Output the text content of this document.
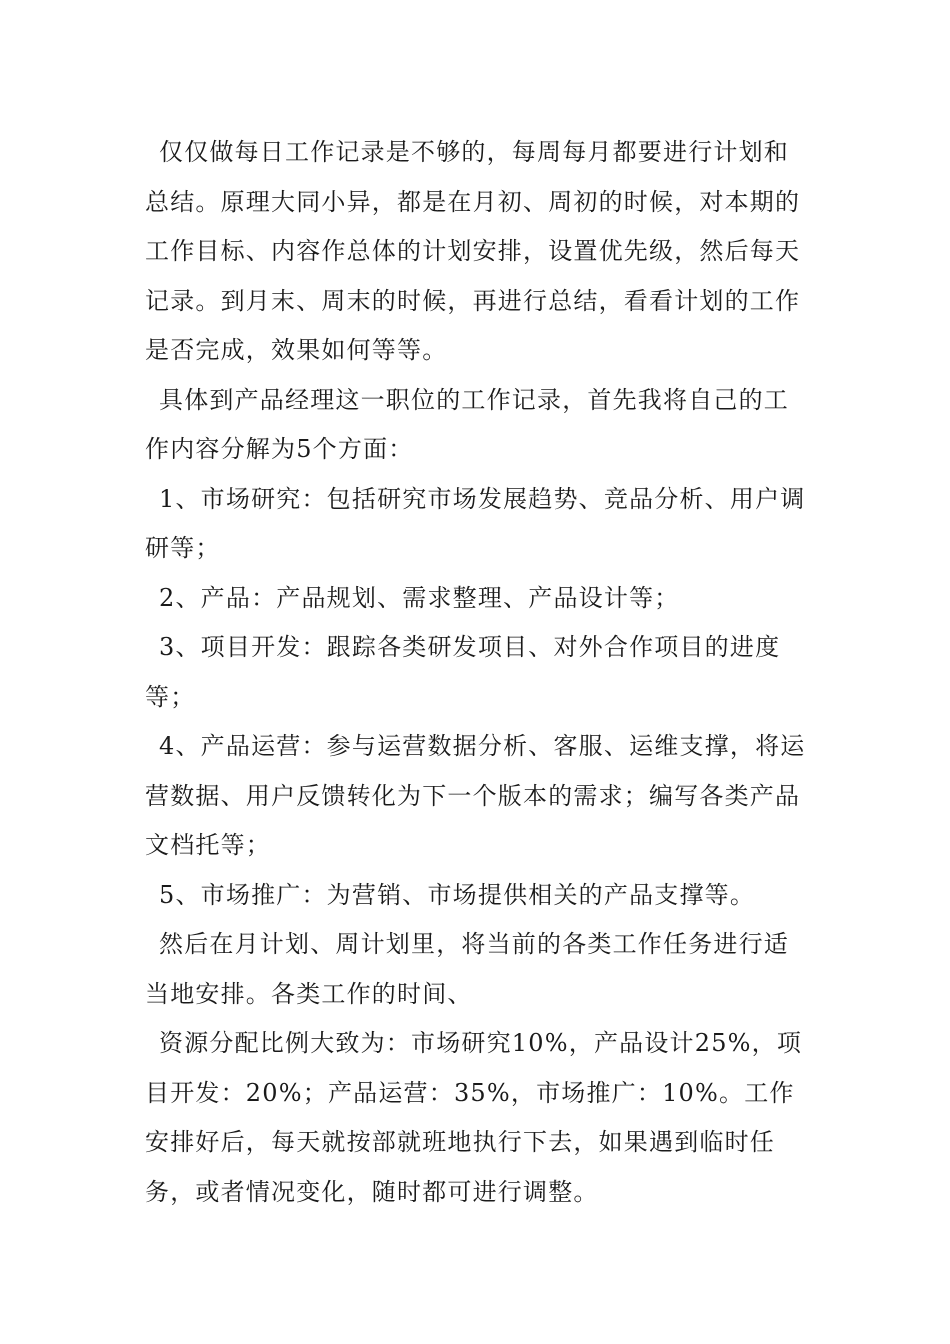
仅仅做每日工作记录是不够的，每周每月都要进行计划和总结。原理大同小异，都是在月初、周初的时候，对本期的工作目标、内容作总体的计划安排，设置优先级，然后每天记录。到月末、周末的时候，再进行总结，看看计划的工作是否完成，效果如何等等。

具体到产品经理这一职位的工作记录，首先我将自己的工作内容分解为5个方面：

1、市场研究：包括研究市场发展趋势、竞品分析、用户调研等；

2、产品：产品规划、需求整理、产品设计等；

3、项目开发：跟踪各类研发项目、对外合作项目的进度等；

4、产品运营：参与运营数据分析、客服、运维支撑，将运营数据、用户反馈转化为下一个版本的需求；编写各类产品文档托等；

5、市场推广：为营销、市场提供相关的产品支撑等。

然后在月计划、周计划里，将当前的各类工作任务进行适当地安排。各类工作的时间、

资源分配比例大致为：市场研究10%，产品设计25%，项目开发：20%；产品运营：35%，市场推广：10%。工作安排好后，每天就按部就班地执行下去，如果遇到临时任务，或者情况变化，随时都可进行调整。
